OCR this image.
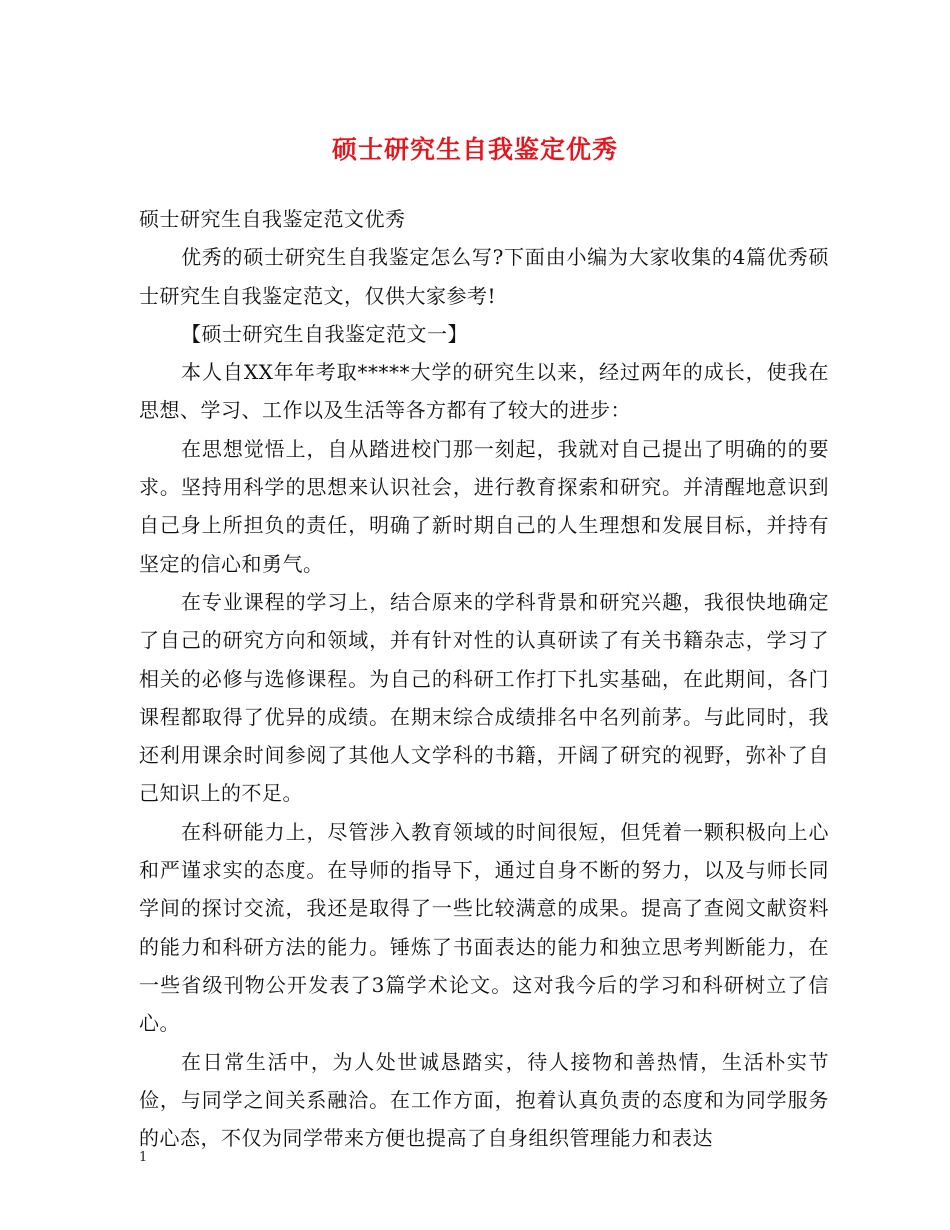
硕士研究生自我鉴定优秀

硕士研究生自我鉴定范文优秀

优秀的硕士研究生自我鉴定怎么写?下面由小编为大家收集的4篇优秀硕士研究生自我鉴定范文，仅供大家参考!

【硕士研究生自我鉴定范文一】

本人自XX年年考取*****大学的研究生以来，经过两年的成长，使我在思想、学习、工作以及生活等各方都有了较大的进步：

在思想觉悟上，自从踏进校门那一刻起，我就对自己提出了明确的的要求。坚持用科学的思想来认识社会，进行教育探索和研究。并清醒地意识到自己身上所担负的责任，明确了新时期自己的人生理想和发展目标，并持有坚定的信心和勇气。

在专业课程的学习上，结合原来的学科背景和研究兴趣，我很快地确定了自己的研究方向和领域，并有针对性的认真研读了有关书籍杂志，学习了相关的必修与选修课程。为自己的科研工作打下扎实基础，在此期间，各门课程都取得了优异的成绩。在期末综合成绩排名中名列前茅。与此同时，我还利用课余时间参阅了其他人文学科的书籍，开阔了研究的视野，弥补了自己知识上的不足。

在科研能力上，尽管涉入教育领域的时间很短，但凭着一颗积极向上心和严谨求实的态度。在导师的指导下，通过自身不断的努力，以及与师长同学间的探讨交流，我还是取得了一些比较满意的成果。提高了查阅文献资料的能力和科研方法的能力。锤炼了书面表达的能力和独立思考判断能力，在一些省级刊物公开发表了3篇学术论文。这对我今后的学习和科研树立了信心。

在日常生活中，为人处世诚恳踏实，待人接物和善热情，生活朴实节俭，与同学之间关系融洽。在工作方面，抱着认真负责的态度和为同学服务的心态，不仅为同学带来方便也提高了自身组织管理能力和表达

1
